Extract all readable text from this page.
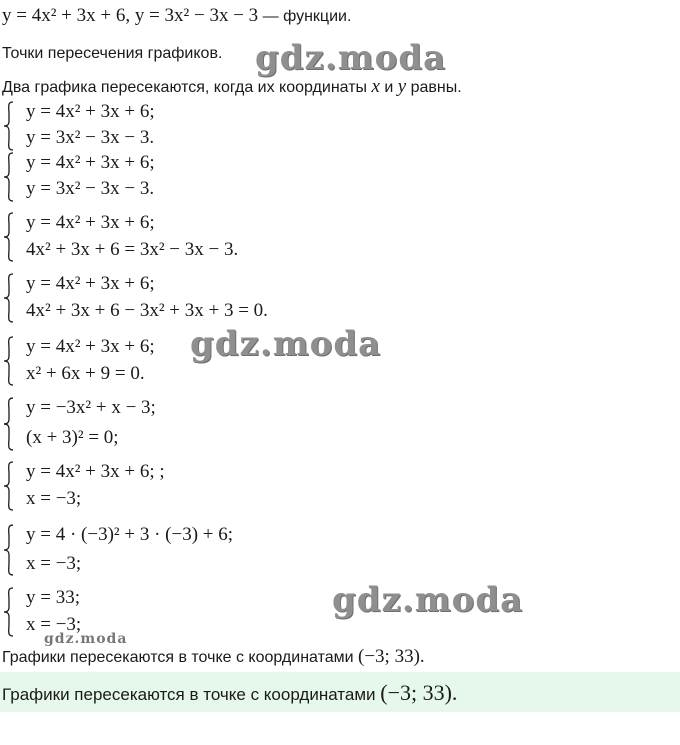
y = 4x² + 3x + 6, y = 3x² − 3x − 3 — функции.
Точки пересечения графиков.
Два графика пересекаются, когда их координаты x и y равны.
y = 4x² + 3x + 6;
y = 3x² − 3x − 3.
y = 4x² + 3x + 6;
y = 3x² − 3x − 3.
y = 4x² + 3x + 6;
4x² + 3x + 6 = 3x² − 3x − 3.
y = 4x² + 3x + 6;
4x² + 3x + 6 − 3x² + 3x + 3 = 0.
y = 4x² + 3x + 6;
x² + 6x + 9 = 0.
y = −3x² + x − 3;
(x + 3)² = 0;
y = 4x² + 3x + 6; ;
x = −3;
y = 4 · (−3)² + 3 · (−3) + 6;
x = −3;
y = 33;
x = −3;
Графики пересекаются в точке с координатами (−3; 33).
Графики пересекаются в точке с координатами (−3; 33).
gdz.moda
gdz.moda
gdz.moda
gdz.moda
